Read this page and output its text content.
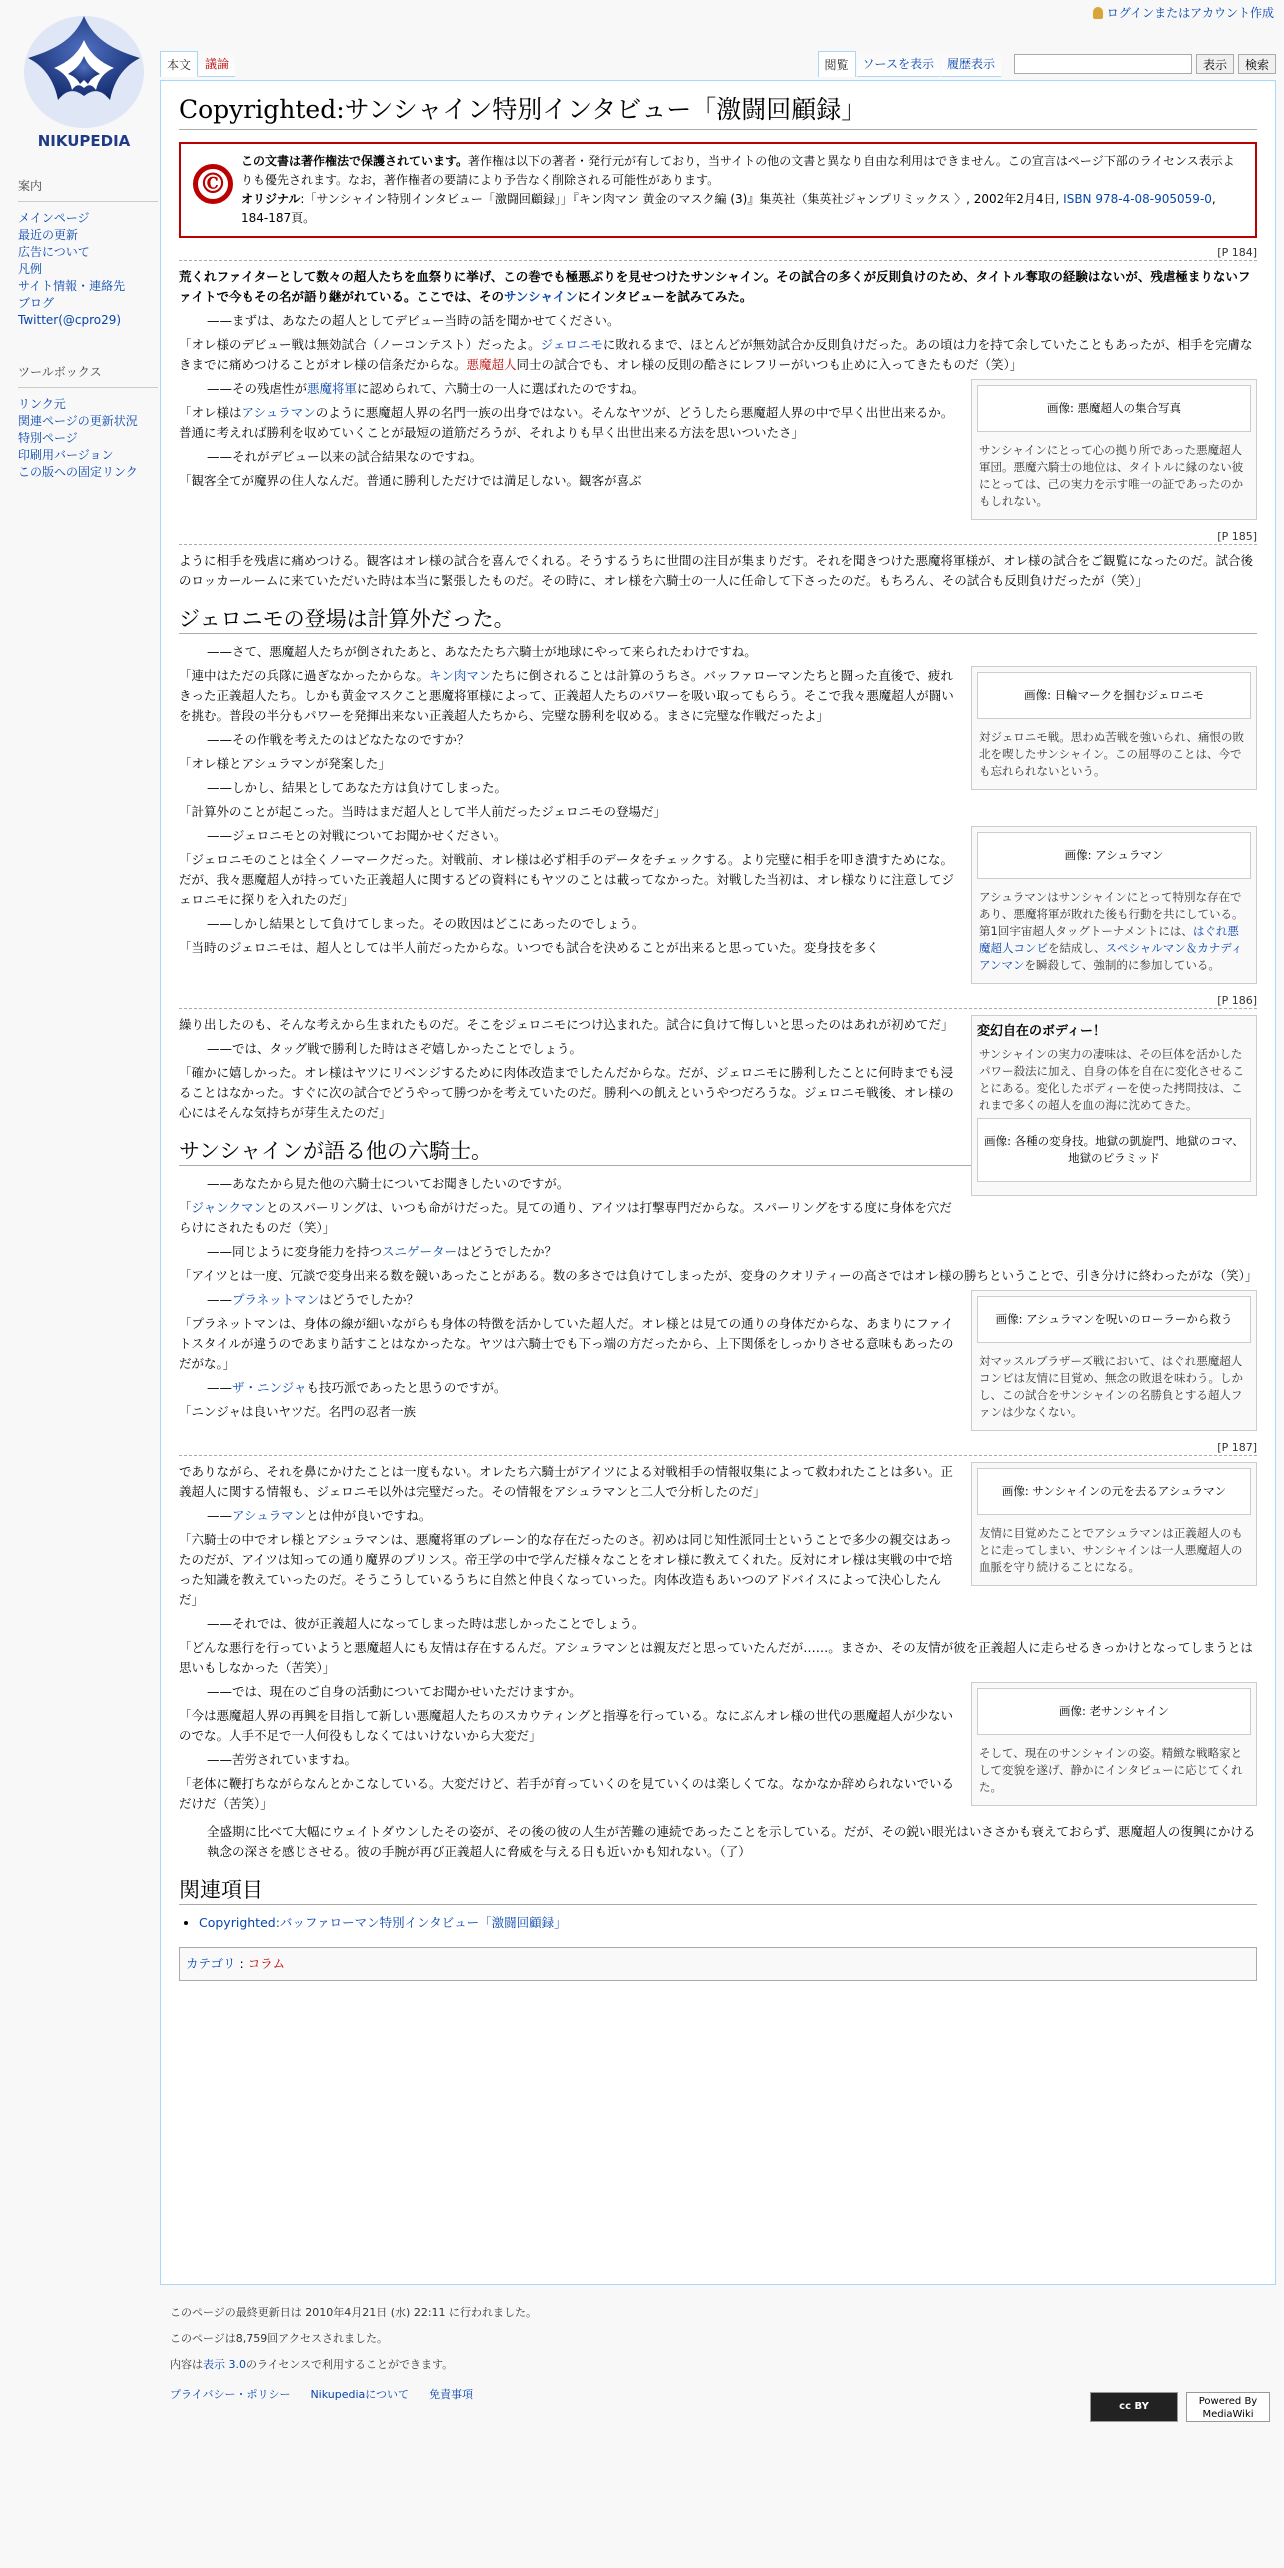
NIKUPEDIA
ログインまたはアカウント作成
案内
メインページ
最近の更新
広告について
凡例
サイト情報・連絡先
ブログ
Twitter(@cpro29)
ツールボックス
リンク元
関連ページの更新状況
特別ページ
印刷用バージョン
この版への固定リンク
本文	議論	閲覧	ソースを表示	履歴表示	表示	検索
Copyrighted:サンシャイン特別インタビュー「激闘回顧録」
©
この文書は著作権法で保護されています。著作権は以下の著者・発行元が有しており，当サイトの他の文書と異なり自由な利用はできません。この宣言はページ下部のライセンス表示よりも優先されます。なお，著作権者の要請により予告なく削除される可能性があります。
オリジナル:「サンシャイン特別インタビュー「激闘回顧録」」『キン肉マン 黄金のマスク編 (3)』集英社（集英社ジャンプリミックス 〉, 2002年2月4日, ISBN 978-4-08-905059-0, 184-187頁。
[P 184]

荒くれファイターとして数々の超人たちを血祭りに挙げ、この巻でも極悪ぶりを見せつけたサンシャイン。その試合の多くが反則負けのため、タイトル奪取の経験はないが、残虐極まりないファイトで今もその名が語り継がれている。ここでは、そのサンシャインにインタビューを試みてみた。

——まずは、あなたの超人としてデビュー当時の話を聞かせてください。

「オレ様のデビュー戦は無効試合（ノーコンテスト）だったよ。ジェロニモに敗れるまで、ほとんどが無効試合か反則負けだった。あの頃は力を持て余していたこともあったが、相手を完膚なきまでに痛めつけることがオレ様の信条だからな。悪魔超人同士の試合でも、オレ様の反則の酷さにレフリーがいつも止めに入ってきたものだ（笑）」

画像: 悪魔超人の集合写真
サンシャインにとって心の拠り所であった悪魔超人軍団。悪魔六騎士の地位は、タイトルに縁のない彼にとっては、己の実力を示す唯一の証であったのかもしれない。

——その残虐性が悪魔将軍に認められて、六騎士の一人に選ばれたのですね。

「オレ様はアシュラマンのように悪魔超人界の名門一族の出身ではない。そんなヤツが、どうしたら悪魔超人界の中で早く出世出来るか。普通に考えれば勝利を収めていくことが最短の道筋だろうが、それよりも早く出世出来る方法を思いついたさ」

——それがデビュー以来の試合結果なのですね。

「観客全てが魔界の住人なんだ。普通に勝利しただけでは満足しない。観客が喜ぶ

[P 185]

ように相手を残虐に痛めつける。観客はオレ様の試合を喜んでくれる。そうするうちに世間の注目が集まりだす。それを聞きつけた悪魔将軍様が、オレ様の試合をご観覧になったのだ。試合後のロッカールームに来ていただいた時は本当に緊張したものだ。その時に、オレ様を六騎士の一人に任命して下さったのだ。もちろん、その試合も反則負けだったが（笑）」

ジェロニモの登場は計算外だった。

——さて、悪魔超人たちが倒されたあと、あなたたち六騎士が地球にやって来られたわけですね。

画像: 日輪マークを掴むジェロニモ
対ジェロニモ戦。思わぬ苦戦を強いられ、痛恨の敗北を喫したサンシャイン。この屈辱のことは、今でも忘れられないという。

「連中はただの兵隊に過ぎなかったからな。キン肉マンたちに倒されることは計算のうちさ。バッファローマンたちと闘った直後で、疲れきった正義超人たち。しかも黄金マスクこと悪魔将軍様によって、正義超人たちのパワーを吸い取ってもらう。そこで我々悪魔超人が闘いを挑む。普段の半分もパワーを発揮出来ない正義超人たちから、完璧な勝利を収める。まさに完璧な作戦だったよ」

——その作戦を考えたのはどなたなのですか？

「オレ様とアシュラマンが発案した」

——しかし、結果としてあなた方は負けてしまった。

「計算外のことが起こった。当時はまだ超人として半人前だったジェロニモの登場だ」

画像: アシュラマン
アシュラマンはサンシャインにとって特別な存在であり、悪魔将軍が敗れた後も行動を共にしている。第1回宇宙超人タッグトーナメントには、はぐれ悪魔超人コンビを結成し、スペシャルマン＆カナディアンマンを瞬殺して、強制的に参加している。

——ジェロニモとの対戦についてお聞かせください。

「ジェロニモのことは全くノーマークだった。対戦前、オレ様は必ず相手のデータをチェックする。より完璧に相手を叩き潰すためにな。だが、我々悪魔超人が持っていた正義超人に関するどの資料にもヤツのことは載ってなかった。対戦した当初は、オレ様なりに注意してジェロニモに探りを入れたのだ」

——しかし結果として負けてしまった。その敗因はどこにあったのでしょう。

「当時のジェロニモは、超人としては半人前だったからな。いつでも試合を決めることが出来ると思っていた。変身技を多く

[P 186]
変幻自在のボディー！
サンシャインの実力の凄味は、その巨体を活かしたパワー殺法に加え、自身の体を自在に変化させることにある。変化したボディーを使った拷問技は、これまで多くの超人を血の海に沈めてきた。
画像: 各種の変身技。地獄の凱旋門、地獄のコマ、地獄のピラミッド

繰り出したのも、そんな考えから生まれたものだ。そこをジェロニモにつけ込まれた。試合に負けて悔しいと思ったのはあれが初めてだ」

——では、タッグ戦で勝利した時はさぞ嬉しかったことでしょう。

「確かに嬉しかった。オレ様はヤツにリベンジするために肉体改造までしたんだからな。だが、ジェロニモに勝利したことに何時までも浸ることはなかった。すぐに次の試合でどうやって勝つかを考えていたのだ。勝利への飢えというやつだろうな。ジェロニモ戦後、オレ様の心にはそんな気持ちが芽生えたのだ」

サンシャインが語る他の六騎士。

——あなたから見た他の六騎士についてお聞きしたいのですが。

「ジャンクマンとのスパーリングは、いつも命がけだった。見ての通り、アイツは打撃専門だからな。スパーリングをする度に身体を穴だらけにされたものだ（笑）」

——同じように変身能力を持つスニゲーターはどうでしたか？

「アイツとは一度、冗談で変身出来る数を競いあったことがある。数の多さでは負けてしまったが、変身のクオリティーの高さではオレ様の勝ちということで、引き分けに終わったがな（笑）」

画像: アシュラマンを呪いのローラーから救う
対マッスルブラザーズ戦において、はぐれ悪魔超人コンビは友情に目覚め、無念の敗退を味わう。しかし、この試合をサンシャインの名勝負とする超人ファンは少なくない。

——プラネットマンはどうでしたか？

「プラネットマンは、身体の線が細いながらも身体の特徴を活かしていた超人だ。オレ様とは見ての通りの身体だからな、あまりにファイトスタイルが違うのであまり話すことはなかったな。ヤツは六騎士でも下っ端の方だったから、上下関係をしっかりさせる意味もあったのだがな。」

——ザ・ニンジャも技巧派であったと思うのですが。

「ニンジャは良いヤツだ。名門の忍者一族

[P 187]
画像: サンシャインの元を去るアシュラマン
友情に目覚めたことでアシュラマンは正義超人のもとに走ってしまい、サンシャインは一人悪魔超人の血脈を守り続けることになる。

でありながら、それを鼻にかけたことは一度もない。オレたち六騎士がアイツによる対戦相手の情報収集によって救われたことは多い。正義超人に関する情報も、ジェロニモ以外は完璧だった。その情報をアシュラマンと二人で分析したのだ」

——アシュラマンとは仲が良いですね。

「六騎士の中でオレ様とアシュラマンは、悪魔将軍のブレーン的な存在だったのさ。初めは同じ知性派同士ということで多少の親交はあったのだが、アイツは知っての通り魔界のプリンス。帝王学の中で学んだ様々なことをオレ様に教えてくれた。反対にオレ様は実戦の中で培った知識を教えていったのだ。そうこうしているうちに自然と仲良くなっていった。肉体改造もあいつのアドバイスによって決心したんだ」

——それでは、彼が正義超人になってしまった時は悲しかったことでしょう。

「どんな悪行を行っていようと悪魔超人にも友情は存在するんだ。アシュラマンとは親友だと思っていたんだが……。まさか、その友情が彼を正義超人に走らせるきっかけとなってしまうとは思いもしなかった（苦笑）」

画像: 老サンシャイン
そして、現在のサンシャインの姿。精緻な戦略家として変貌を遂げ、静かにインタビューに応じてくれた。

——では、現在のご自身の活動についてお聞かせいただけますか。

「今は悪魔超人界の再興を目指して新しい悪魔超人たちのスカウティングと指導を行っている。なにぶんオレ様の世代の悪魔超人が少ないのでな。人手不足で一人何役もしなくてはいけないから大変だ」

——苦労されていますね。

「老体に鞭打ちながらなんとかこなしている。大変だけど、若手が育っていくのを見ていくのは楽しくてな。なかなか辞められないでいるだけだ（苦笑）」

全盛期に比べて大幅にウェイトダウンしたその姿が、その後の彼の人生が苦難の連続であったことを示している。だが、その鋭い眼光はいささかも衰えておらず、悪魔超人の復興にかける執念の深さを感じさせる。彼の手腕が再び正義超人に脅威を与える日も近いかも知れない。（了）

関連項目
• Copyrighted:バッファローマン特別インタビュー「激闘回顧録」
カテゴリ : コラム
このページの最終更新日は 2010年4月21日 (水) 22:11 に行われました。
このページは8,759回アクセスされました。
内容は表示 3.0のライセンスで利用することができます。
プライバシー・ポリシー Nikupediaについて 免責事項
cc BY	Powered By MediaWiki
